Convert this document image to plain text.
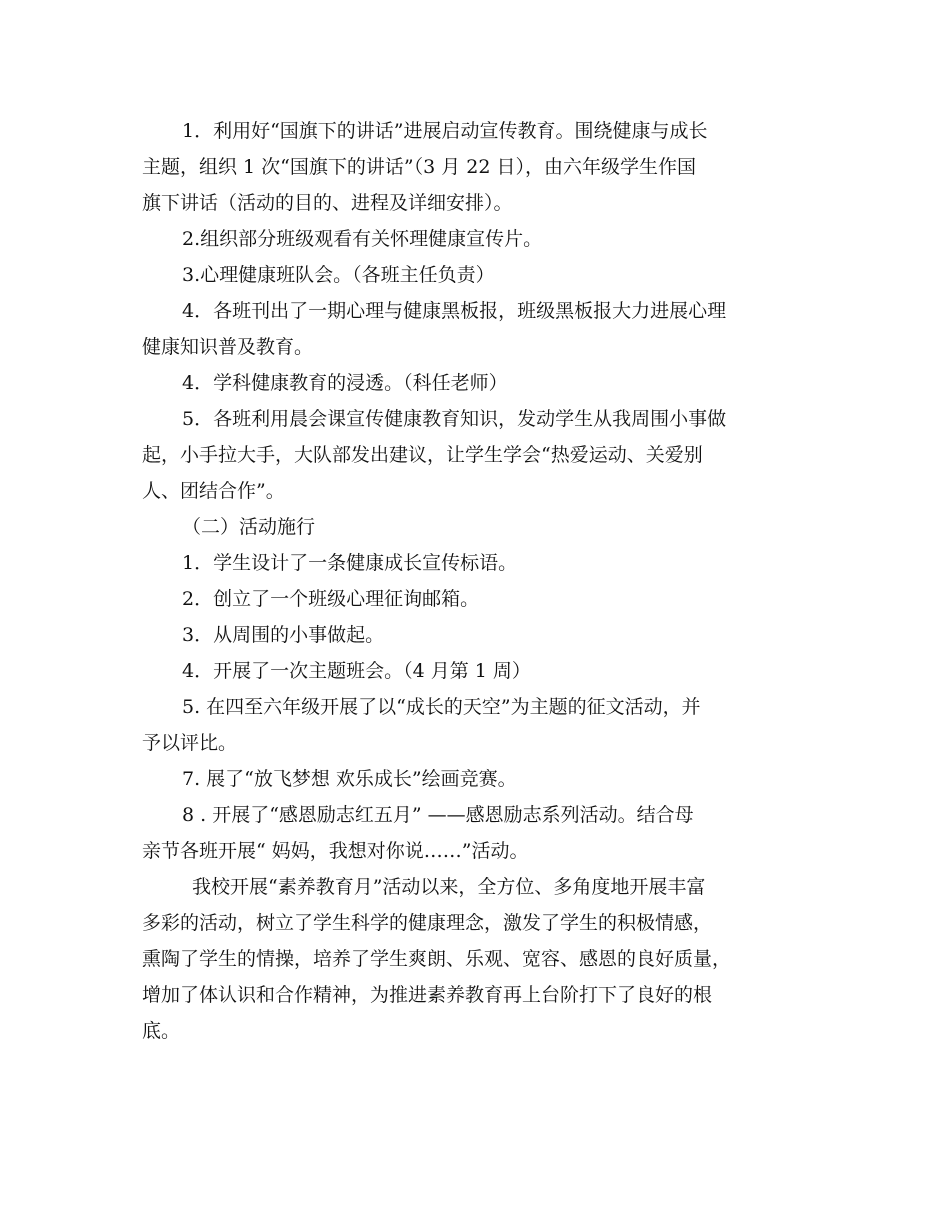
1．利用好“国旗下的讲话”进展启动宣传教育。围绕健康与成长
主题，组织 1 次“国旗下的讲话”（3 月 22 日），由六年级学生作国
旗下讲话（活动的目的、进程及详细安排）。
2.组织部分班级观看有关怀理健康宣传片。
3.心理健康班队会。（各班主任负责）
4．各班刊出了一期心理与健康黑板报，班级黑板报大力进展心理
健康知识普及教育。
4．学科健康教育的浸透。（科任老师）
5．各班利用晨会课宣传健康教育知识，发动学生从我周围小事做
起，小手拉大手，大队部发出建议，让学生学会“热爱运动、关爱别
人、团结合作”。
（二）活动施行
1．学生设计了一条健康成长宣传标语。
2．创立了一个班级心理征询邮箱。
3．从周围的小事做起。
4．开展了一次主题班会。（4 月第 1 周）
5. 在四至六年级开展了以“成长的天空”为主题的征文活动，并
予以评比。
7. 展了“放飞梦想 欢乐成长”绘画竞赛。
8 . 开展了“感恩励志红五月” ——感恩励志系列活动。结合母
亲节各班开展“ 妈妈，我想对你说……”活动。
我校开展“素养教育月”活动以来，全方位、多角度地开展丰富
多彩的活动，树立了学生科学的健康理念，激发了学生的积极情感，
熏陶了学生的情操，培养了学生爽朗、乐观、宽容、感恩的良好质量，
增加了体认识和合作精神，为推进素养教育再上台阶打下了良好的根
底。
